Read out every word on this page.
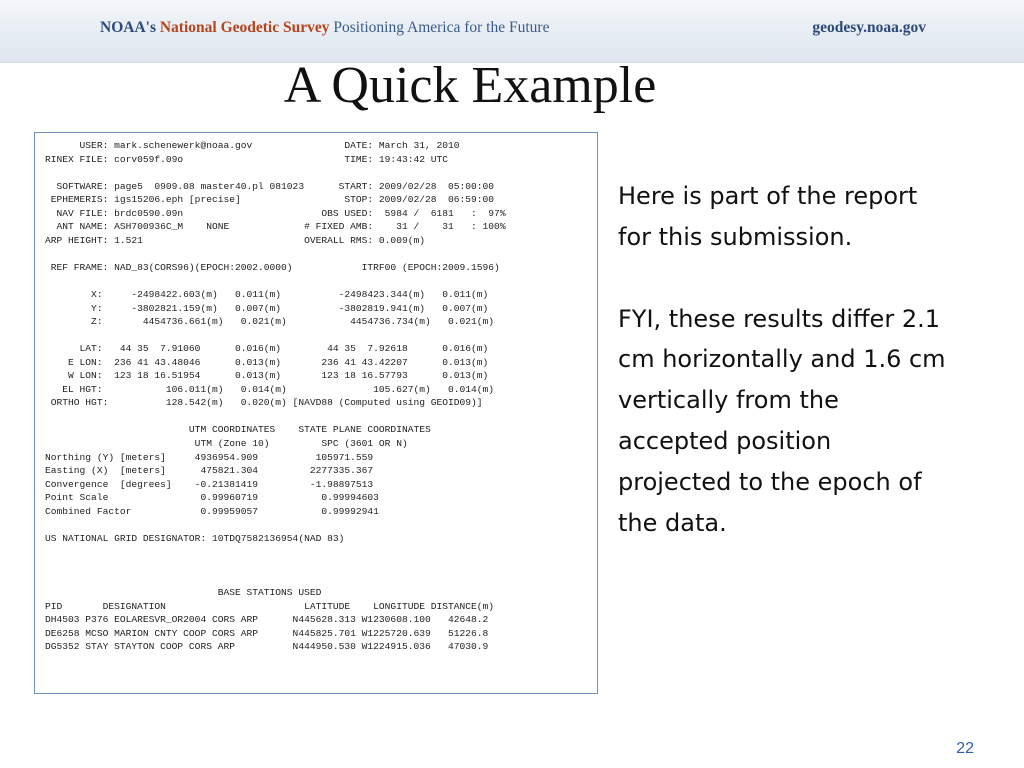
NOAA's National Geodetic Survey Positioning America for the Future	geodesy.noaa.gov
A Quick Example
USER: mark.schenewerk@noaa.gov                DATE: March 31, 2010
RINEX FILE: corv059f.09o                            TIME: 19:43:42 UTC

SOFTWARE: page5  0909.08 master40.pl 081023      START: 2009/02/28  05:00:00
EPHEMERIS: igs15206.eph [precise]                  STOP: 2009/02/28  06:59:00
NAV FILE: brdc0590.09n                        OBS USED:  5984 /  6181   :  97%
ANT NAME: ASH700936C_M    NONE             # FIXED AMB:    31 /    31   : 100%
ARP HEIGHT: 1.521                            OVERALL RMS: 0.009(m)

REF FRAME: NAD_83(CORS96)(EPOCH:2002.0000)            ITRF00 (EPOCH:2009.1596)

X:     -2498422.603(m)   0.011(m)          -2498423.344(m)   0.011(m)
Y:     -3802821.159(m)   0.007(m)          -3802819.941(m)   0.007(m)
Z:       4454736.661(m)   0.021(m)           4454736.734(m)   0.021(m)

LAT:   44 35  7.91060      0.016(m)        44 35  7.92618      0.016(m)
E LON:  236 41 43.48046      0.013(m)       236 41 43.42207      0.013(m)
W LON:  123 18 16.51954      0.013(m)       123 18 16.57793      0.013(m)
EL HGT:           106.011(m)   0.014(m)               105.627(m)   0.014(m)
ORTHO HGT:          128.542(m)   0.020(m) [NAVD88 (Computed using GEOID09)]

UTM COORDINATES    STATE PLANE COORDINATES
UTM (Zone 10)         SPC (3601 OR N)
Northing (Y) [meters]     4936954.909          105971.559
Easting (X)  [meters]      475821.304         2277335.367
Convergence  [degrees]    -0.21381419         -1.98897513
Point Scale                0.99960719           0.99994603
Combined Factor            0.99959057           0.99992941

US NATIONAL GRID DESIGNATOR: 10TDQ7582136954(NAD 83)

BASE STATIONS USED
PID       DESIGNATION                        LATITUDE    LONGITUDE DISTANCE(m)
DH4503 P376 EOLARESVR_OR2004 CORS ARP      N445628.313 W1230608.100   42648.2
DE6258 MCSO MARION CNTY COOP CORS ARP      N445825.701 W1225720.639   51226.8
DG5352 STAY STAYTON COOP CORS ARP          N444950.530 W1224915.036   47030.9

Here is part of the report
for this submission.

FYI, these results differ 2.1
cm horizontally and 1.6 cm
vertically from the
accepted position
projected to the epoch of
the data.

22
